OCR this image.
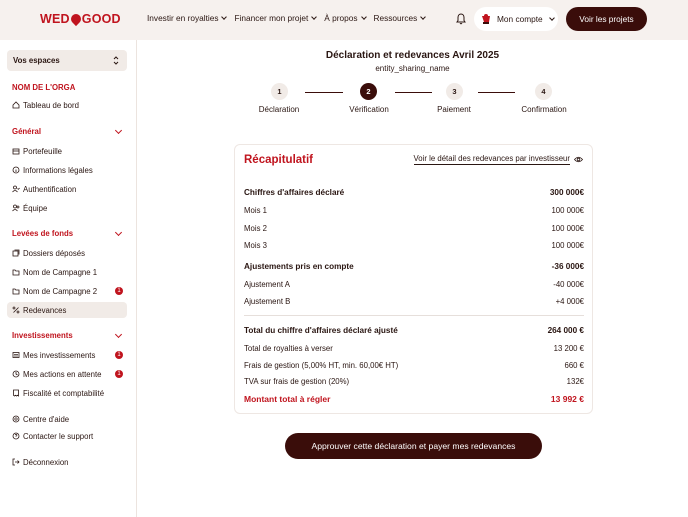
WED GOOD	Investir en royalties Financer mon projet À propos Ressources	Mon compte	Voir les projets
Vos espaces
NOM DE L'ORGA
Tableau de bord
Général
Portefeuille
Informations légales
Authentification
Équipe
Levées de fonds
Dossiers déposés
Nom de Campagne 1
Nom de Campagne 2	1
Redevances
Investissements
Mes investissements	1
Mes actions en attente	1
Fiscalité et comptabilité
Centre d'aide
Contacter le support
Déconnexion
Déclaration et redevances Avril 2025
entity_sharing_name
1	2	3	4
Déclaration	Vérification	Paiement	Confirmation
Récapitulatif	Voir le détail des redevances par investisseur
Chiffres d'affaires déclaré	300 000€
Mois 1	100 000€
Mois 2	100 000€
Mois 3	100 000€
Ajustements pris en compte	-36 000€
Ajustement A	-40 000€
Ajustement B	+4 000€
Total du chiffre d'affaires déclaré ajusté	264 000 €
Total de royalties à verser	13 200 €
Frais de gestion (5,00% HT, min. 60,00€ HT)	660 €
TVA sur frais de gestion (20%)	132€
Montant total à régler	13 992 €
Approuver cette déclaration et payer mes redevances
